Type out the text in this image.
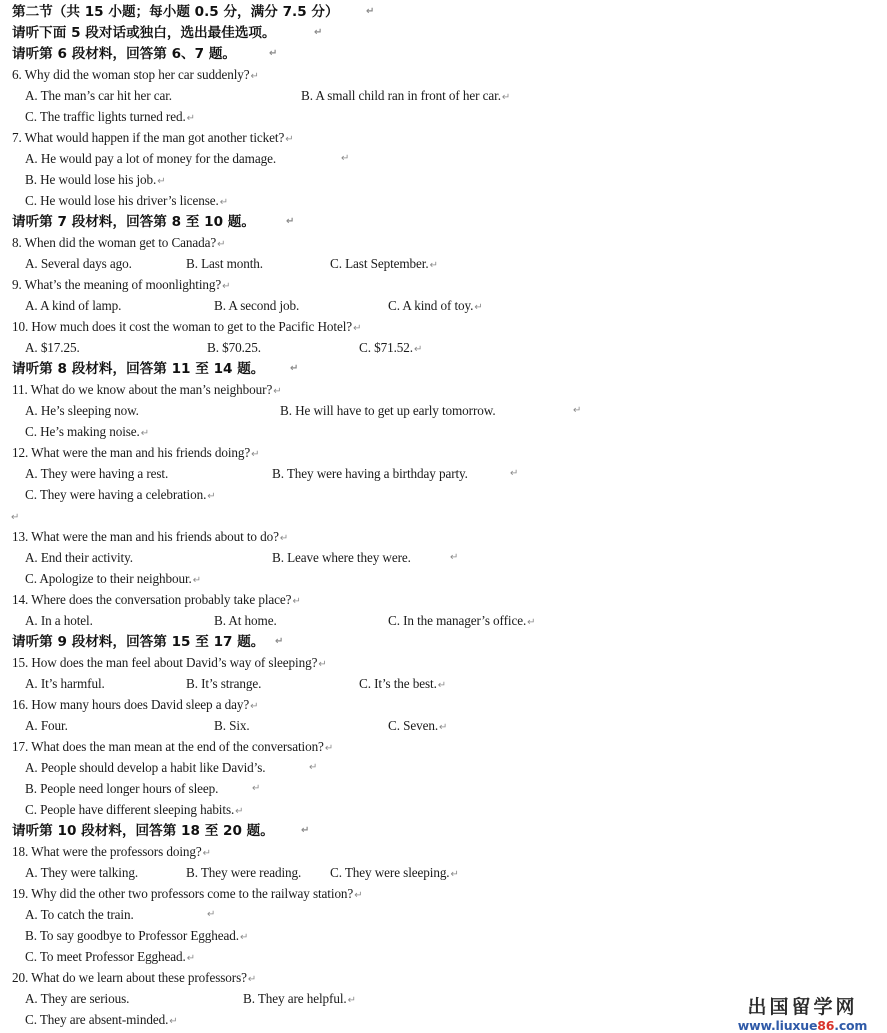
第二节（共 15 小题；每小题 0.5 分，满分 7.5 分）	↵
请听下面 5 段对话或独白，选出最佳选项。	↵
请听第 6 段材料，回答第 6、7 题。	↵
6. Why did the woman stop her car suddenly?↵
A. The man’s car hit her car.	B. A small child ran in front of her car.↵
C. The traffic lights turned red.↵
7. What would happen if the man got another ticket?↵
A. He would pay a lot of money for the damage.	↵
B. He would lose his job.↵
C. He would lose his driver’s license.↵
请听第 7 段材料，回答第 8 至 10 题。	↵
8. When did the woman get to Canada?↵
A. Several days ago.	B. Last month.	C. Last September.↵
9. What’s the meaning of moonlighting?↵
A. A kind of lamp.	B. A second job.	C. A kind of toy.↵
10. How much does it cost the woman to get to the Pacific Hotel?↵
A. $17.25.	B. $70.25.	C. $71.52.↵
请听第 8 段材料，回答第 11 至 14 题。	↵
11. What do we know about the man’s neighbour?↵
A. He’s sleeping now.	B. He will have to get up early tomorrow.	↵
C. He’s making noise.↵
12. What were the man and his friends doing?↵
A. They were having a rest.	B. They were having a birthday party.	↵
C. They were having a celebration.↵
↵
13. What were the man and his friends about to do?↵
A. End their activity.	B. Leave where they were.	↵
C. Apologize to their neighbour.↵
14. Where does the conversation probably take place?↵
A. In a hotel.	B. At home.	C. In the manager’s office.↵
请听第 9 段材料，回答第 15 至 17 题。 ↵
15. How does the man feel about David’s way of sleeping?↵
A. It’s harmful.	B. It’s strange.	C. It’s the best.↵
16. How many hours does David sleep a day?↵
A. Four.	B. Six.	C. Seven.↵
17. What does the man mean at the end of the conversation?↵
A. People should develop a habit like David’s.	↵
B. People need longer hours of sleep.	↵
C. People have different sleeping habits.↵
请听第 10 段材料，回答第 18 至 20 题。	↵
18. What were the professors doing?↵
A. They were talking.	B. They were reading. C. They were sleeping.↵
19. Why did the other two professors come to the railway station?↵
A. To catch the train.	↵
B. To say goodbye to Professor Egghead.↵
C. To meet Professor Egghead.↵
20. What do we learn about these professors?↵
A. They are serious.	B. They are helpful.↵
C. They are absent-minded.↵
出国留学网
www.liuxue86.com
